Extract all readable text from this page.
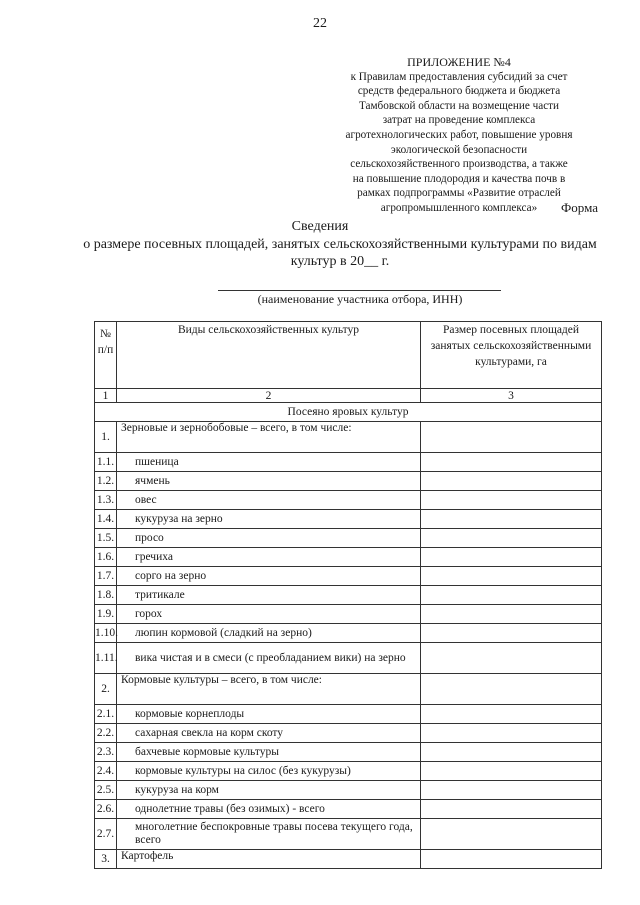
22
ПРИЛОЖЕНИЕ №4
к Правилам предоставления субсидий за счет
средств федерального бюджета и бюджета
Тамбовской области на возмещение части
затрат на проведение комплекса
агротехнологических работ, повышение уровня
экологической безопасности
сельскохозяйственного производства, а также
на повышение плодородия и качества почв в
рамках подпрограммы «Развитие отраслей
агропромышленного комплекса»	Форма
Сведения
о размере посевных площадей, занятых сельскохозяйственными культурами по видам культур в 20__ г.
(наименование участника отбора, ИНН)
№ п/п	Виды сельскохозяйственных культур	Размер посевных площадей занятых сельскохозяйственными культурами, га
1	2	3
Посеяно яровых культур		
1.	Зерновые и зернобобовые – всего, в том числе:	

1.1.	пшеница	

1.2.	ячмень	

1.3.	овес	

1.4.	кукуруза на зерно	

1.5.	просо	

1.6.	гречиха	

1.7.	сорго на зерно	

1.8.	тритикале	

1.9.	горох	

1.10.	люпин кормовой (сладкий на зерно)	

1.11.	вика чистая и в смеси (с преобладанием вики) на зерно	

2.	Кормовые культуры – всего, в том числе:	

2.1.	кормовые корнеплоды	

2.2.	сахарная свекла на корм скоту	

2.3.	бахчевые кормовые культуры	

2.4.	кормовые культуры на силос (без кукурузы)	

2.5.	кукуруза на корм	

2.6.	однолетние травы (без озимых) - всего	

2.7.	многолетние беспокровные травы посева текущего года, всего	

3.	Картофель	
